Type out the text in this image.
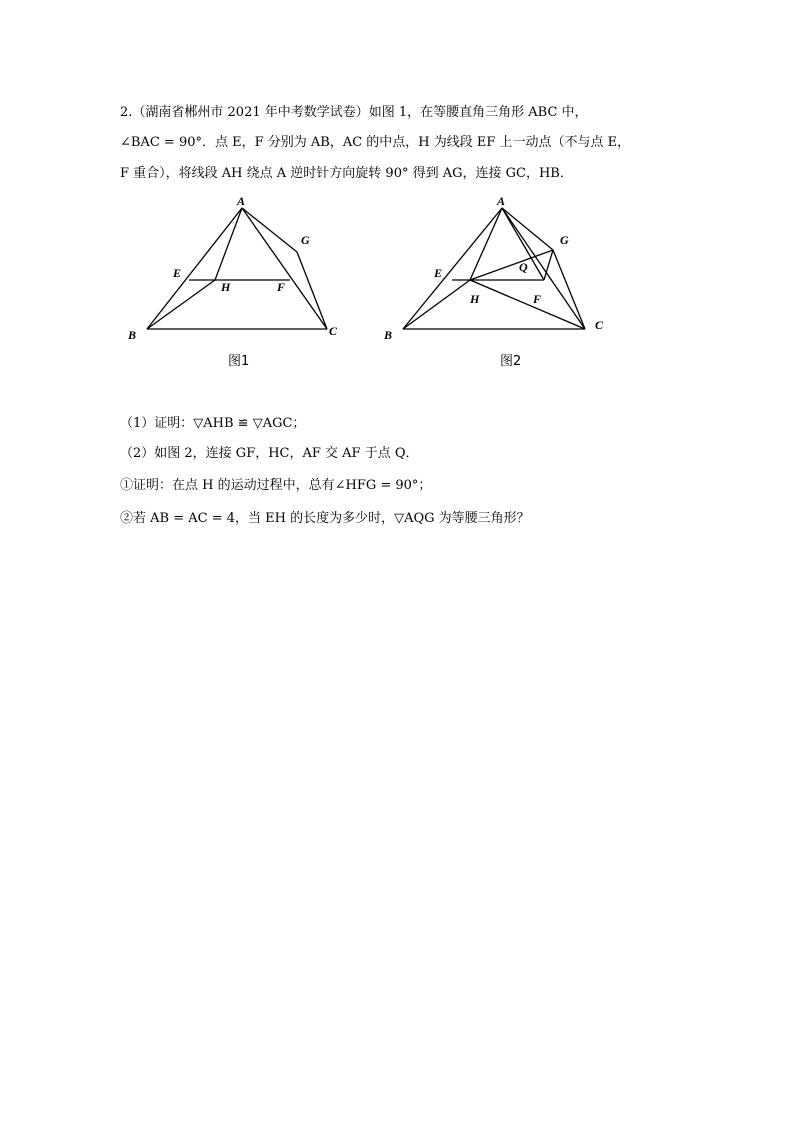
2.（湖南省郴州市 2021 年中考数学试卷）如图 1，在等腰直角三角形 ABC 中，
∠BAC = 90°．点 E，F 分别为 AB，AC 的中点，H 为线段 EF 上一动点（不与点 E，
F 重合），将线段 AH 绕点 A 逆时针方向旋转 90° 得到 AG，连接 GC，HB．
A
G
E
H	F
B	C
图1
A
G
E	Q
H	F
B
C
图2
（1）证明：▽AHB ≌ ▽AGC；
（2）如图 2，连接 GF，HC，AF 交 AF 于点 Q．
①证明：在点 H 的运动过程中，总有∠HFG = 90°；
②若 AB = AC = 4，当 EH 的长度为多少时，▽AQG 为等腰三角形？
